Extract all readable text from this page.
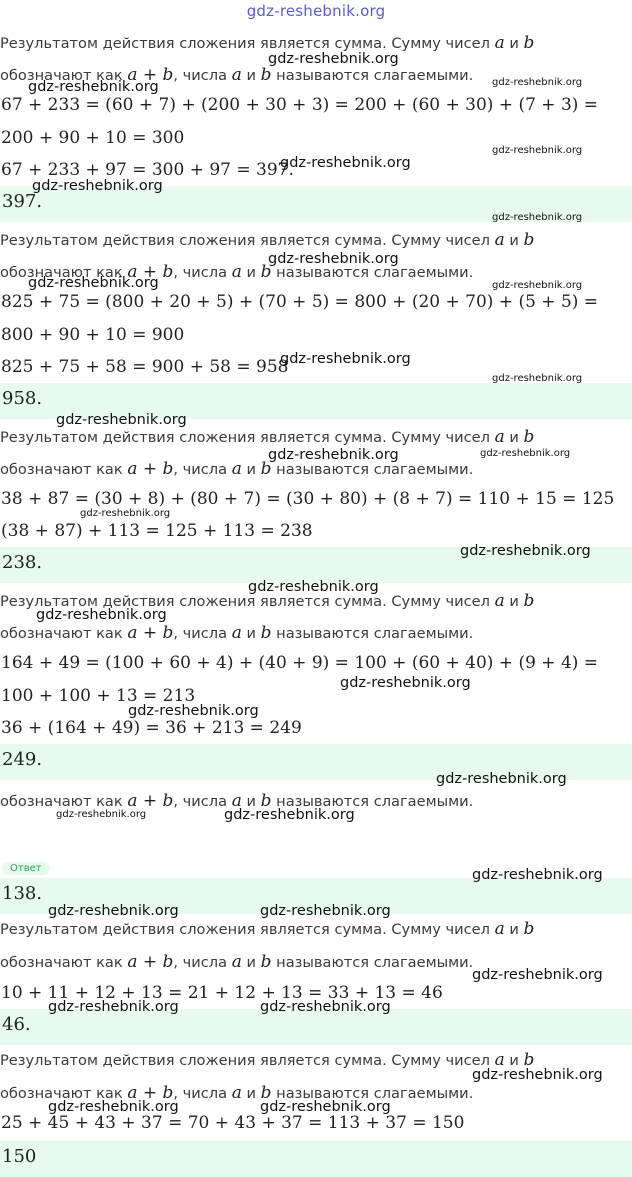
gdz-reshebnik.org
Результатом действия сложения является сумма. Сумму чисел a и b
обозначают как a + b, числа a и b называются слагаемыми.
67 + 233 = (60 + 7) + (200 + 30 + 3) = 200 + (60 + 30) + (7 + 3) =
200 + 90 + 10 = 300
67 + 233 + 97 = 300 + 97 = 397.
397.
Результатом действия сложения является сумма. Сумму чисел a и b
обозначают как a + b, числа a и b называются слагаемыми.
825 + 75 = (800 + 20 + 5) + (70 + 5) = 800 + (20 + 70) + (5 + 5) =
800 + 90 + 10 = 900
825 + 75 + 58 = 900 + 58 = 958
958.
Результатом действия сложения является сумма. Сумму чисел a и b
обозначают как a + b, числа a и b называются слагаемыми.
38 + 87 = (30 + 8) + (80 + 7) = (30 + 80) + (8 + 7) = 110 + 15 = 125
(38 + 87) + 113 = 125 + 113 = 238
238.
Результатом действия сложения является сумма. Сумму чисел a и b
обозначают как a + b, числа a и b называются слагаемыми.
164 + 49 = (100 + 60 + 4) + (40 + 9) = 100 + (60 + 40) + (9 + 4) =
100 + 100 + 13 = 213
36 + (164 + 49) = 36 + 213 = 249
249.
обозначают как a + b, числа a и b называются слагаемыми.
Ответ
138.
Результатом действия сложения является сумма. Сумму чисел a и b
обозначают как a + b, числа a и b называются слагаемыми.
10 + 11 + 12 + 13 = 21 + 12 + 13 = 33 + 13 = 46
46.
Результатом действия сложения является сумма. Сумму чисел a и b
обозначают как a + b, числа a и b называются слагаемыми.
25 + 45 + 43 + 37 = 70 + 43 + 37 = 113 + 37 = 150
150
gdz-reshebnik.org
gdz-reshebnik.org	gdz-reshebnik.org
gdz-reshebnik.org
gdz-reshebnik.org
gdz-reshebnik.org
gdz-reshebnik.org
gdz-reshebnik.org
gdz-reshebnik.org	gdz-reshebnik.org
gdz-reshebnik.org
gdz-reshebnik.org
gdz-reshebnik.org
gdz-reshebnik.org	gdz-reshebnik.org
gdz-reshebnik.org
gdz-reshebnik.org
gdz-reshebnik.org
gdz-reshebnik.org
gdz-reshebnik.org
gdz-reshebnik.org
gdz-reshebnik.org
gdz-reshebnik.org	gdz-reshebnik.org
gdz-reshebnik.org
gdz-reshebnik.org	gdz-reshebnik.org
gdz-reshebnik.org
gdz-reshebnik.org	gdz-reshebnik.org
gdz-reshebnik.org
gdz-reshebnik.org	gdz-reshebnik.org
